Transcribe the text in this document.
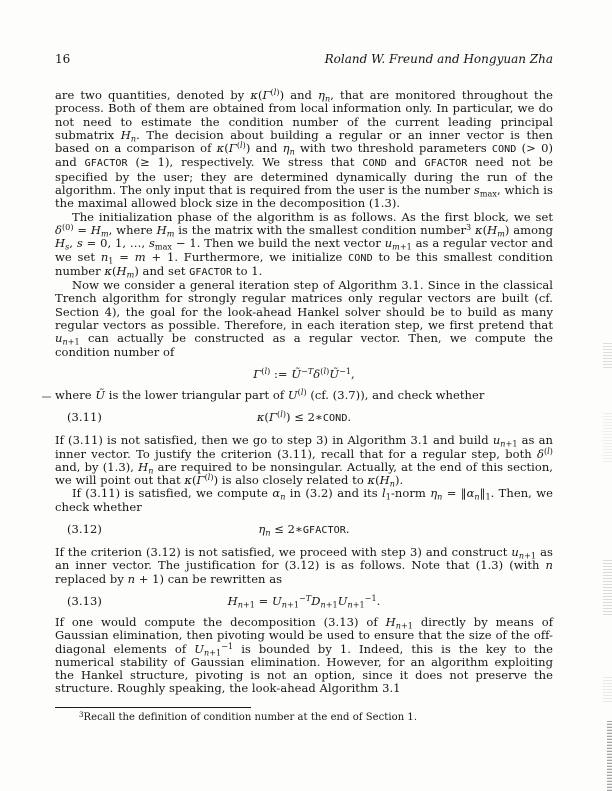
16	Roland W. Freund and Hongyuan Zha

are two quantities, denoted by $\kappa(\Gamma^{(l)})$ and $\eta_n$, that are monitored throughout the process. Both of them are obtained from local information only. In particular, we do not need to estimate the condition number of the current leading principal submatrix $H_n$. The decision about building a regular or an inner vector is then based on a comparison of $\kappa(\Gamma^{(l)})$ and $\eta_n$ with two threshold parameters COND (> 0) and GFACTOR (≥ 1), respectively. We stress that COND and GFACTOR need not be specified by the user; they are determined dynamically during the run of the algorithm. The only input that is required from the user is the number $s_{max}$, which is the maximal allowed block size in the decomposition (1.3).

The initialization phase of the algorithm is as follows. As the first block, we set $\delta^{(0)} = H_m$, where $H_m$ is the matrix with the smallest condition number$^3$ $\kappa(H_m)$ among $H_s$, s = 0, 1, …, $s_{max} - 1$. Then we build the next vector $u_{m+1}$ as a regular vector and we set $n_1 = m + 1$. Furthermore, we initialize COND to be this smallest condition number $\kappa(H_m)$ and set GFACTOR to 1.

Now we consider a general iteration step of Algorithm 3.1. Since in the classical Trench algorithm for strongly regular matrices only regular vectors are built (cf. Section 4), the goal for the look-ahead Hankel solver should be to build as many regular vectors as possible. Therefore, in each iteration step, we first pretend that $u_{n+1}$ can actually be constructed as a regular vector. Then, we compute the condition number of

$\Gamma^{(l)}$ := $Ũ^{-T}\delta^{(l)}Ũ^{-1}$,

where Ũ is the lower triangular part of $U^{(l)}$ (cf. (3.7)), and check whether

(3.11)	$\kappa(\Gamma^{(l)})$ ≤ 2∗COND.

If (3.11) is not satisfied, then we go to step 3) in Algorithm 3.1 and build $u_{n+1}$ as an inner vector. To justify the criterion (3.11), recall that for a regular step, both $\delta^{(l)}$ and, by (1.3), $H_n$ are required to be nonsingular. Actually, at the end of this section, we will point out that $\kappa(\Gamma^{(l)})$ is also closely related to $\kappa(H_n)$.

If (3.11) is satisfied, we compute $\alpha_n$ in (3.2) and its $l_1$-norm $\eta_n$ = $‖\alpha_n‖_1$. Then, we check whether

(3.12)	$\eta_n$ ≤ 2∗GFACTOR.

If the criterion (3.12) is not satisfied, we proceed with step 3) and construct $u_{n+1}$ as an inner vector. The justification for (3.12) is as follows. Note that (1.3) (with n replaced by n + 1) can be rewritten as

(3.13)	$H_{n+1} = U_{n+1}^{-T}D_{n+1}U_{n+1}^{-1}$.

If one would compute the decomposition (3.13) of $H_{n+1}$ directly by means of Gaussian elimination, then pivoting would be used to ensure that the size of the off-diagonal elements of $U_{n+1}^{-1}$ is bounded by 1. Indeed, this is the key to the numerical stability of Gaussian elimination. However, for an algorithm exploiting the Hankel structure, pivoting is not an option, since it does not preserve the structure. Roughly speaking, the look-ahead Algorithm 3.1

$^3$Recall the definition of condition number at the end of Section 1.
